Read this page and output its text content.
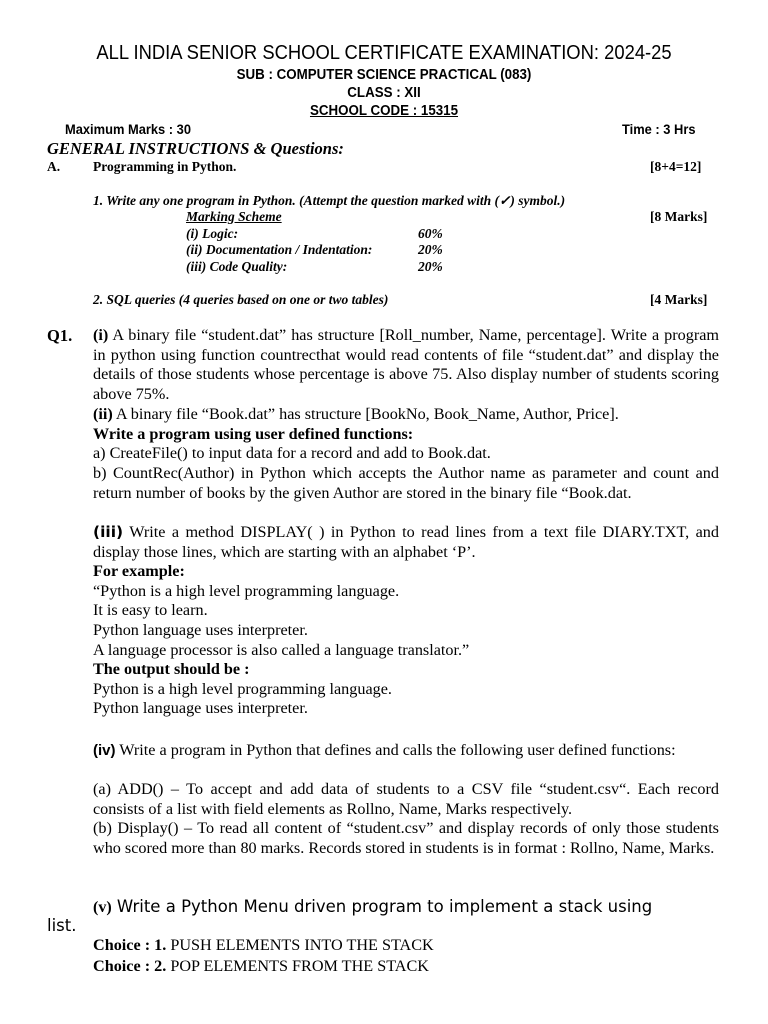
ALL INDIA SENIOR SCHOOL CERTIFICATE EXAMINATION: 2024-25
SUB : COMPUTER SCIENCE PRACTICAL (083)
CLASS : XII
SCHOOL CODE : 15315
Maximum Marks : 30	Time : 3 Hrs
GENERAL INSTRUCTIONS & Questions:
A. Programming in Python.	[8+4=12]
1. Write any one program in Python. (Attempt the question marked with (✓) symbol.)
Marking Scheme	[8 Marks]
(i) Logic:	60%
(ii) Documentation / Indentation:	20%
(iii) Code Quality:	20%
2. SQL queries (4 queries based on one or two tables)	[4 Marks]
Q1. (i) A binary file “student.dat” has structure [Roll_number, Name, percentage]. Write a program in python using function countrecthat would read contents of file “student.dat” and display the details of those students whose percentage is above 75. Also display number of students scoring above 75%.
(ii) A binary file “Book.dat” has structure [BookNo, Book_Name, Author, Price].
Write a program using user defined functions:
a) CreateFile() to input data for a record and add to Book.dat.
b) CountRec(Author) in Python which accepts the Author name as parameter and count and return number of books by the given Author are stored in the binary file “Book.dat.
(iii) Write a method DISPLAY( ) in Python to read lines from a text file DIARY.TXT, and display those lines, which are starting with an alphabet ‘P’.
For example:
“Python is a high level programming language.
It is easy to learn.
Python language uses interpreter.
A language processor is also called a language translator.”
The output should be :
Python is a high level programming language.
Python language uses interpreter.
(iv) Write a program in Python that defines and calls the following user defined functions:
(a) ADD() – To accept and add data of students to a CSV file “student.csv“. Each record consists of a list with field elements as Rollno, Name, Marks respectively.
(b) Display() – To read all content of “student.csv” and display records of only those students who scored more than 80 marks. Records stored in students is in format : Rollno, Name, Marks.
(v) Write a Python Menu driven program to implement a stack using
list.
Choice : 1. PUSH ELEMENTS INTO THE STACK
Choice : 2. POP ELEMENTS FROM THE STACK
